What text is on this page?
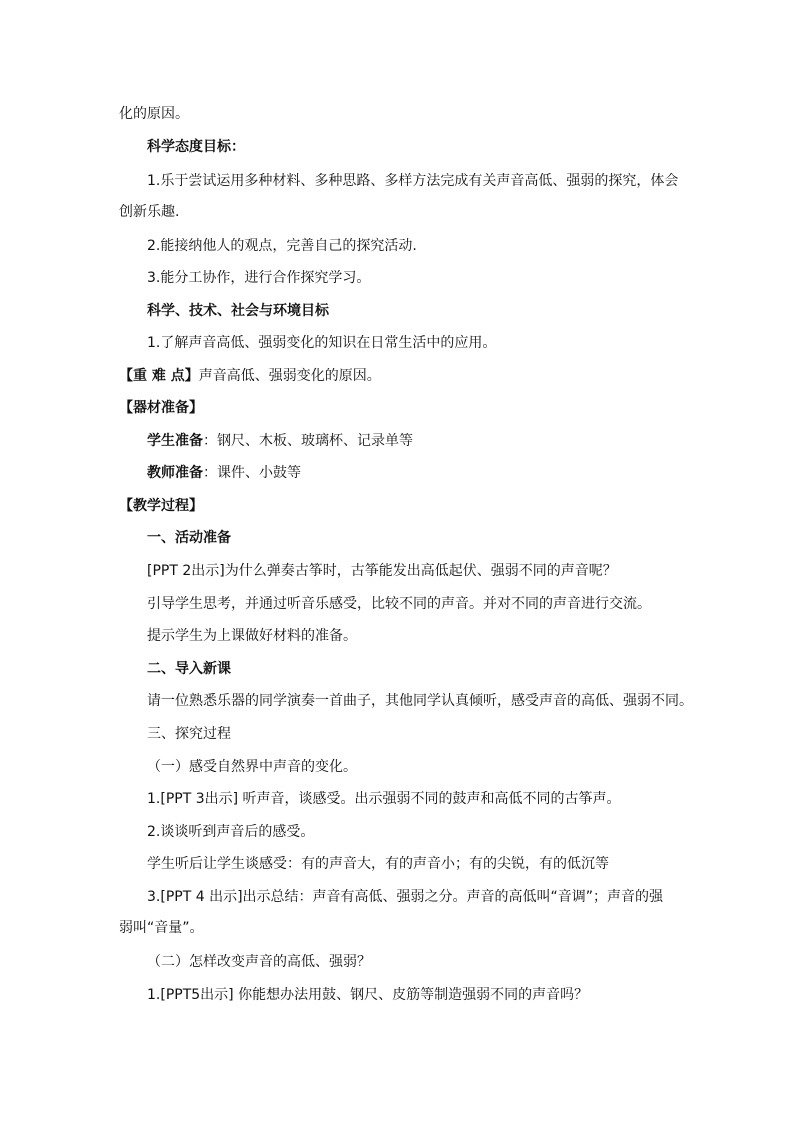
化的原因。
科学态度目标：
1.乐于尝试运用多种材料、多种思路、多样方法完成有关声音高低、强弱的探究，体会
创新乐趣.
2.能接纳他人的观点，完善自己的探究活动.
3.能分工协作，进行合作探究学习。
科学、技术、社会与环境目标
1.了解声音高低、强弱变化的知识在日常生活中的应用。
【重 难 点】声音高低、强弱变化的原因。
【器材准备】
学生准备：钢尺、木板、玻璃杯、记录单等
教师准备：课件、小鼓等
【教学过程】
一、活动准备
[PPT 2出示]为什么弹奏古筝时，古筝能发出高低起伏、强弱不同的声音呢？
引导学生思考，并通过听音乐感受，比较不同的声音。并对不同的声音进行交流。
提示学生为上课做好材料的准备。
二、导入新课
请一位熟悉乐器的同学演奏一首曲子，其他同学认真倾听，感受声音的高低、强弱不同。
三、探究过程
（一）感受自然界中声音的变化。
1.[PPT 3出示] 听声音，谈感受。出示强弱不同的鼓声和高低不同的古筝声。
2.谈谈听到声音后的感受。
学生听后让学生谈感受：有的声音大，有的声音小；有的尖锐，有的低沉等
3.[PPT 4 出示]出示总结：声音有高低、强弱之分。声音的高低叫“音调”；声音的强
弱叫“音量”。
（二）怎样改变声音的高低、强弱？
1.[PPT5出示] 你能想办法用鼓、钢尺、皮筋等制造强弱不同的声音吗？
